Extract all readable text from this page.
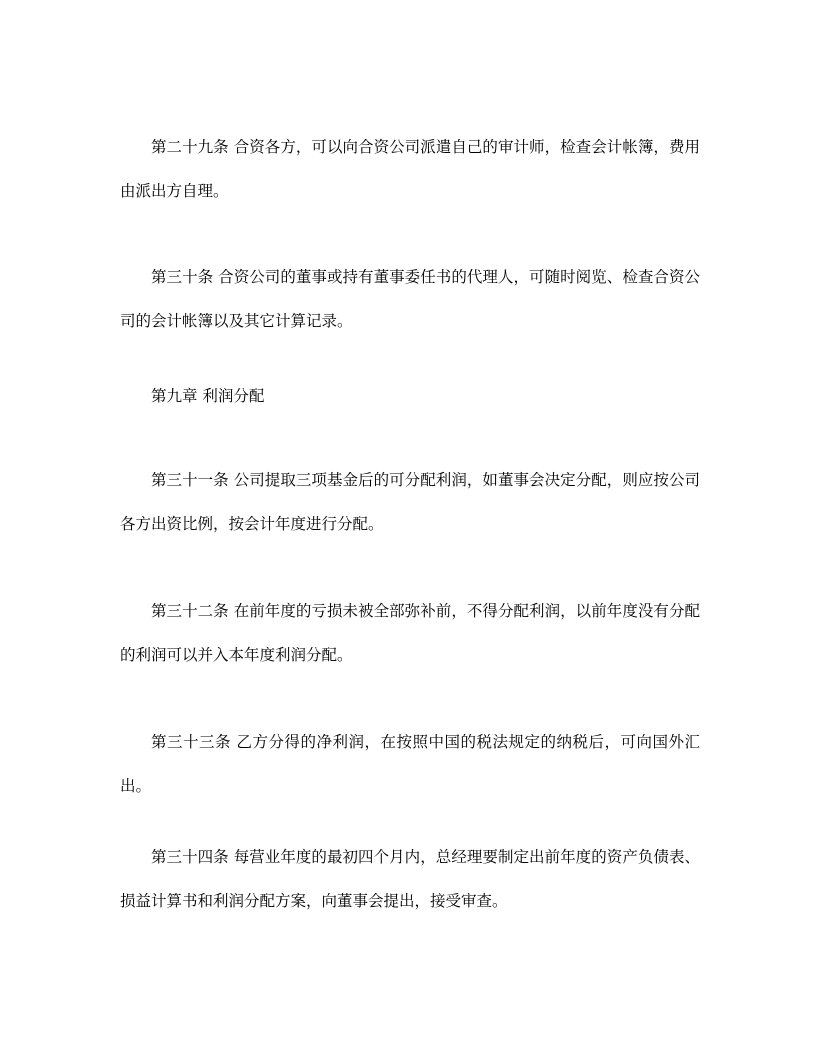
第二十九条 合资各方，可以向合资公司派遣自己的审计师，检查会计帐簿，费用由派出方自理。

第三十条 合资公司的董事或持有董事委任书的代理人，可随时阅览、检查合资公司的会计帐簿以及其它计算记录。

第九章 利润分配

第三十一条 公司提取三项基金后的可分配利润，如董事会决定分配，则应按公司各方出资比例，按会计年度进行分配。

第三十二条 在前年度的亏损未被全部弥补前，不得分配利润，以前年度没有分配的利润可以并入本年度利润分配。

第三十三条 乙方分得的净利润，在按照中国的税法规定的纳税后，可向国外汇出。

第三十四条 每营业年度的最初四个月内，总经理要制定出前年度的资产负债表、损益计算书和利润分配方案，向董事会提出，接受审查。
